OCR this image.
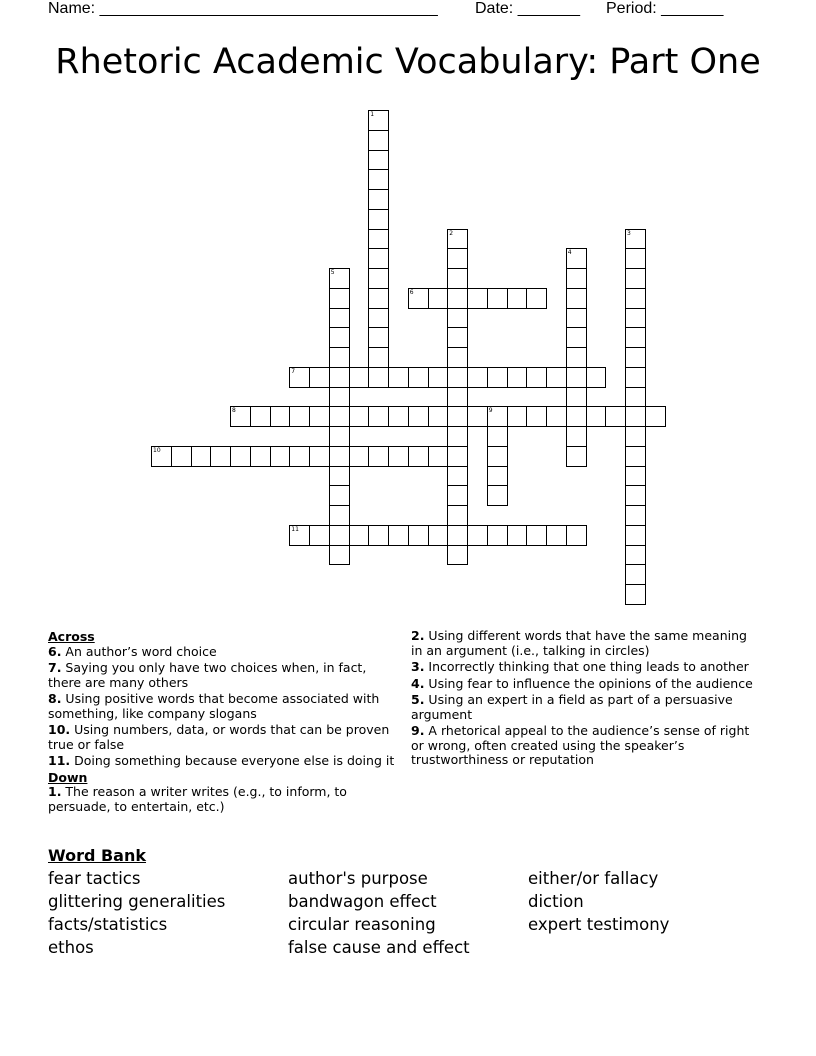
Name: ______________________________________ Date: _______ Period: _______
Rhetoric Academic Vocabulary: Part One
1
2	3
4
5
6
7
8	9
10
11
Across
6. An author’s word choice
7. Saying you only have two choices when, in fact, there are many others
8. Using positive words that become associated with something, like company slogans
10. Using numbers, data, or words that can be proven true or false
11. Doing something because everyone else is doing it
Down
1. The reason a writer writes (e.g., to inform, to persuade, to entertain, etc.)
2. Using different words that have the same meaning in an argument (i.e., talking in circles)
3. Incorrectly thinking that one thing leads to another
4. Using fear to influence the opinions of the audience
5. Using an expert in a field as part of a persuasive argument
9. A rhetorical appeal to the audience’s sense of right or wrong, often created using the speaker’s trustworthiness or reputation
Word Bank
fear tactics
glittering generalities
facts/statistics
ethos
author's purpose
bandwagon effect
circular reasoning
false cause and effect
either/or fallacy
diction
expert testimony
